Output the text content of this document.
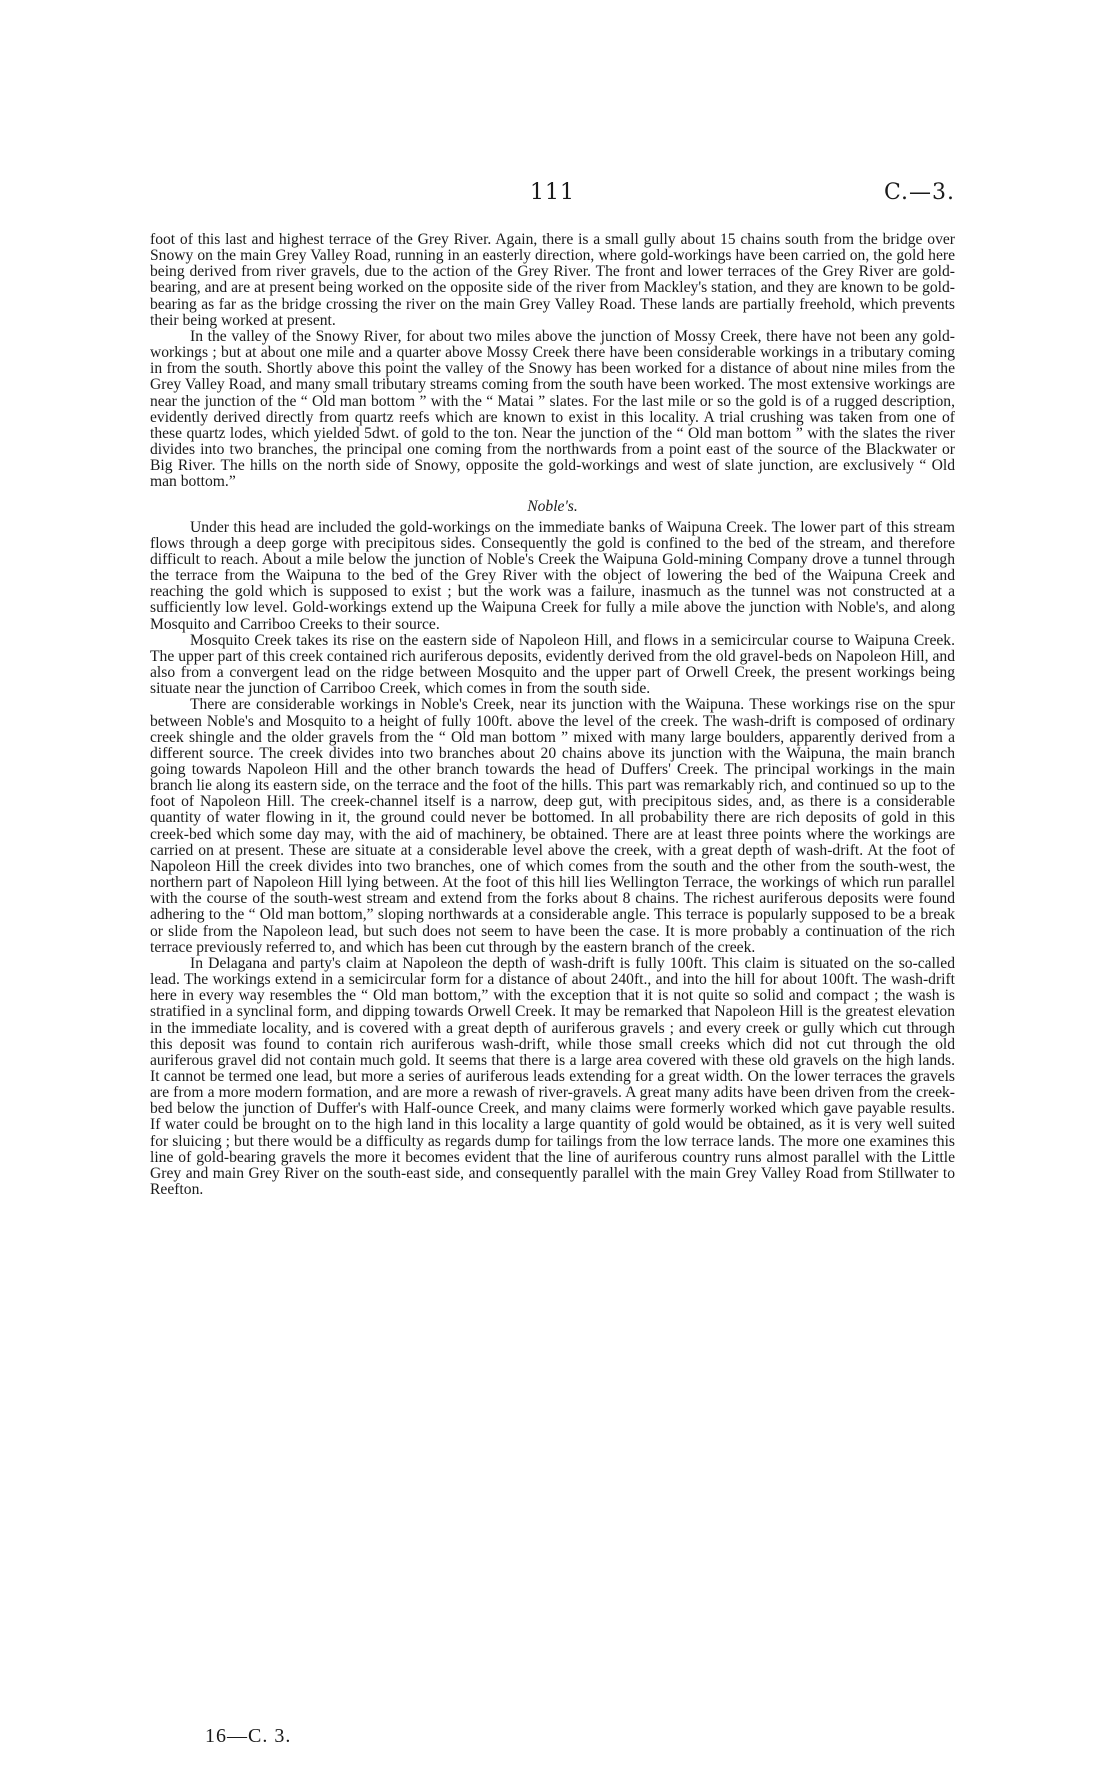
111	C.—3.

foot of this last and highest terrace of the Grey River. Again, there is a small gully about 15 chains south from the bridge over Snowy on the main Grey Valley Road, running in an easterly direction, where gold-workings have been carried on, the gold here being derived from river gravels, due to the action of the Grey River. The front and lower terraces of the Grey River are gold-bearing, and are at present being worked on the opposite side of the river from Mackley's station, and they are known to be gold-bearing as far as the bridge crossing the river on the main Grey Valley Road. These lands are partially freehold, which prevents their being worked at present.

In the valley of the Snowy River, for about two miles above the junction of Mossy Creek, there have not been any gold-workings ; but at about one mile and a quarter above Mossy Creek there have been considerable workings in a tributary coming in from the south. Shortly above this point the valley of the Snowy has been worked for a distance of about nine miles from the Grey Valley Road, and many small tributary streams coming from the south have been worked. The most extensive workings are near the junction of the “ Old man bottom ” with the “ Matai ” slates. For the last mile or so the gold is of a rugged description, evidently derived directly from quartz reefs which are known to exist in this locality. A trial crushing was taken from one of these quartz lodes, which yielded 5dwt. of gold to the ton. Near the junction of the “ Old man bottom ” with the slates the river divides into two branches, the principal one coming from the northwards from a point east of the source of the Blackwater or Big River. The hills on the north side of Snowy, opposite the gold-workings and west of slate junction, are exclusively “ Old man bottom.”

Noble's.

Under this head are included the gold-workings on the immediate banks of Waipuna Creek. The lower part of this stream flows through a deep gorge with precipitous sides. Consequently the gold is confined to the bed of the stream, and therefore difficult to reach. About a mile below the junction of Noble's Creek the Waipuna Gold-mining Company drove a tunnel through the terrace from the Waipuna to the bed of the Grey River with the object of lowering the bed of the Waipuna Creek and reaching the gold which is supposed to exist ; but the work was a failure, inasmuch as the tunnel was not constructed at a sufficiently low level. Gold-workings extend up the Waipuna Creek for fully a mile above the junction with Noble's, and along Mosquito and Carriboo Creeks to their source.

Mosquito Creek takes its rise on the eastern side of Napoleon Hill, and flows in a semicircular course to Waipuna Creek. The upper part of this creek contained rich auriferous deposits, evidently derived from the old gravel-beds on Napoleon Hill, and also from a convergent lead on the ridge between Mosquito and the upper part of Orwell Creek, the present workings being situate near the junction of Carriboo Creek, which comes in from the south side.

There are considerable workings in Noble's Creek, near its junction with the Waipuna. These workings rise on the spur between Noble's and Mosquito to a height of fully 100ft. above the level of the creek. The wash-drift is composed of ordinary creek shingle and the older gravels from the “ Old man bottom ” mixed with many large boulders, apparently derived from a different source. The creek divides into two branches about 20 chains above its junction with the Waipuna, the main branch going towards Napoleon Hill and the other branch towards the head of Duffers' Creek. The principal workings in the main branch lie along its eastern side, on the terrace and the foot of the hills. This part was remarkably rich, and continued so up to the foot of Napoleon Hill. The creek-channel itself is a narrow, deep gut, with precipitous sides, and, as there is a considerable quantity of water flowing in it, the ground could never be bottomed. In all probability there are rich deposits of gold in this creek-bed which some day may, with the aid of machinery, be obtained. There are at least three points where the workings are carried on at present. These are situate at a considerable level above the creek, with a great depth of wash-drift. At the foot of Napoleon Hill the creek divides into two branches, one of which comes from the south and the other from the south-west, the northern part of Napoleon Hill lying between. At the foot of this hill lies Wellington Terrace, the workings of which run parallel with the course of the south-west stream and extend from the forks about 8 chains. The richest auriferous deposits were found adhering to the “ Old man bottom,” sloping northwards at a considerable angle. This terrace is popularly supposed to be a break or slide from the Napoleon lead, but such does not seem to have been the case. It is more probably a continuation of the rich terrace previously referred to, and which has been cut through by the eastern branch of the creek.

In Delagana and party's claim at Napoleon the depth of wash-drift is fully 100ft. This claim is situated on the so-called lead. The workings extend in a semicircular form for a distance of about 240ft., and into the hill for about 100ft. The wash-drift here in every way resembles the “ Old man bottom,” with the exception that it is not quite so solid and compact ; the wash is stratified in a synclinal form, and dipping towards Orwell Creek. It may be remarked that Napoleon Hill is the greatest elevation in the immediate locality, and is covered with a great depth of auriferous gravels ; and every creek or gully which cut through this deposit was found to contain rich auriferous wash-drift, while those small creeks which did not cut through the old auriferous gravel did not contain much gold. It seems that there is a large area covered with these old gravels on the high lands. It cannot be termed one lead, but more a series of auriferous leads extending for a great width. On the lower terraces the gravels are from a more modern formation, and are more a rewash of river-gravels. A great many adits have been driven from the creek-bed below the junction of Duffer's with Half-ounce Creek, and many claims were formerly worked which gave payable results. If water could be brought on to the high land in this locality a large quantity of gold would be obtained, as it is very well suited for sluicing ; but there would be a difficulty as regards dump for tailings from the low terrace lands. The more one examines this line of gold-bearing gravels the more it becomes evident that the line of auriferous country runs almost parallel with the Little Grey and main Grey River on the south-east side, and consequently parallel with the main Grey Valley Road from Stillwater to Reefton.

16—C. 3.
